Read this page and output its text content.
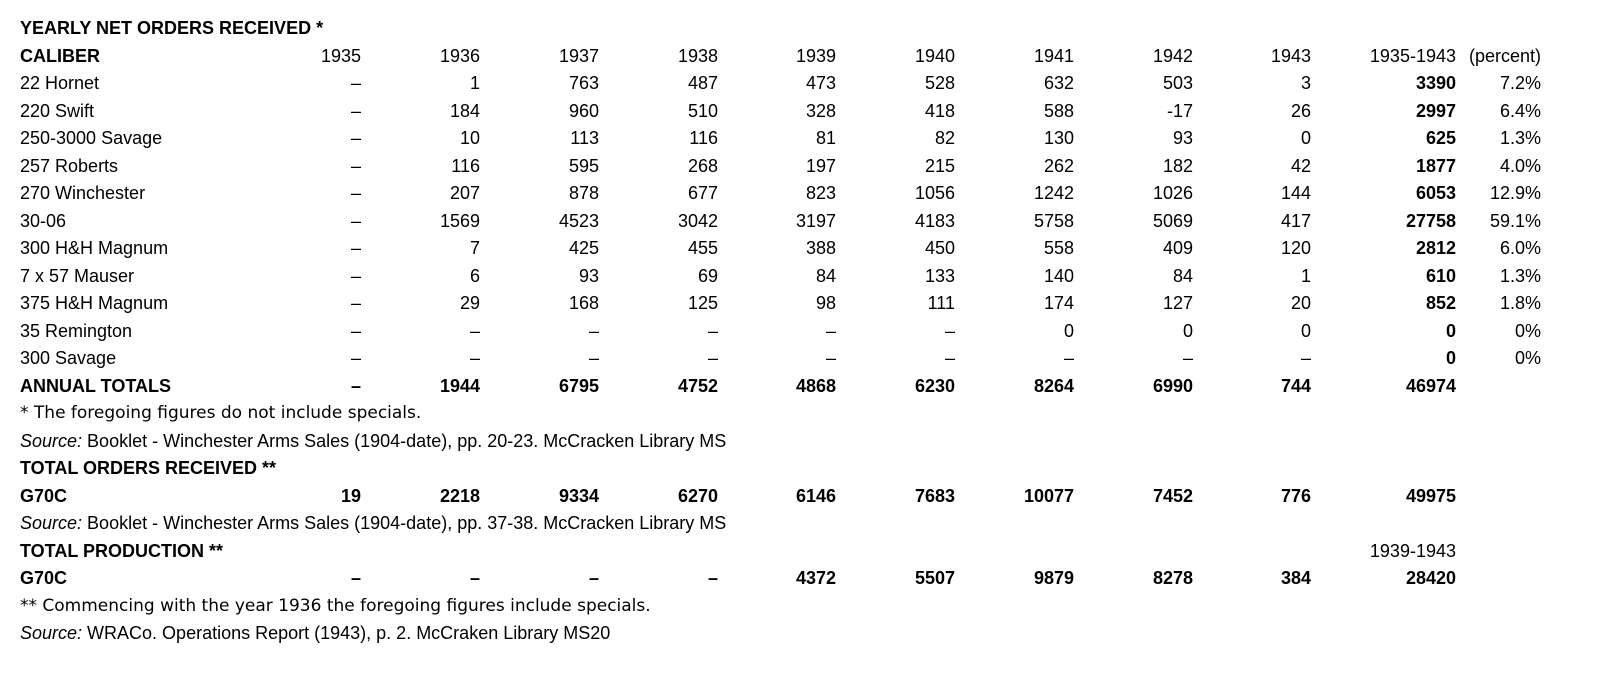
YEARLY NET ORDERS RECEIVED *
CALIBER	1935	1936	1937	1938	1939	1940	1941	1942	1943	1935-1943 (percent)
22 Hornet	–	1	763	487	473	528	632	503	3	3390 7.2%
220 Swift	–	184	960	510	328	418	588	-17	26	2997 6.4%
250-3000 Savage	–	10	113	116	81	82	130	93	0	625 1.3%
257 Roberts	–	116	595	268	197	215	262	182	42	1877 4.0%
270 Winchester	–	207	878	677	823	1056	1242	1026	144	6053 12.9%
30-06	–	1569	4523	3042	3197	4183	5758	5069	417	27758 59.1%
300 H&H Magnum	–	7	425	455	388	450	558	409	120	2812 6.0%
7 x 57 Mauser	–	6	93	69	84	133	140	84	1	610 1.3%
375 H&H Magnum	–	29	168	125	98	111	174	127	20	852 1.8%
35 Remington	–	–	–	–	–	–	0	0	0	0	0%
300 Savage	–	–	–	–	–	–	–	–	–	0	0%
ANNUAL TOTALS	–	1944	6795	4752	4868	6230	8264	6990	744	46974
* The foregoing figures do not include specials.
Source: Booklet - Winchester Arms Sales (1904-date), pp. 20-23. McCracken Library MS
TOTAL ORDERS RECEIVED **
G70C	19	2218	9334	6270	6146	7683	10077	7452	776	49975
Source: Booklet - Winchester Arms Sales (1904-date), pp. 37-38. McCracken Library MS
TOTAL PRODUCTION **	1939-1943
G70C	–	–	–	–	4372	5507	9879	8278	384	28420
** Commencing with the year 1936 the foregoing figures include specials.
Source: WRACo. Operations Report (1943), p. 2. McCraken Library MS20
